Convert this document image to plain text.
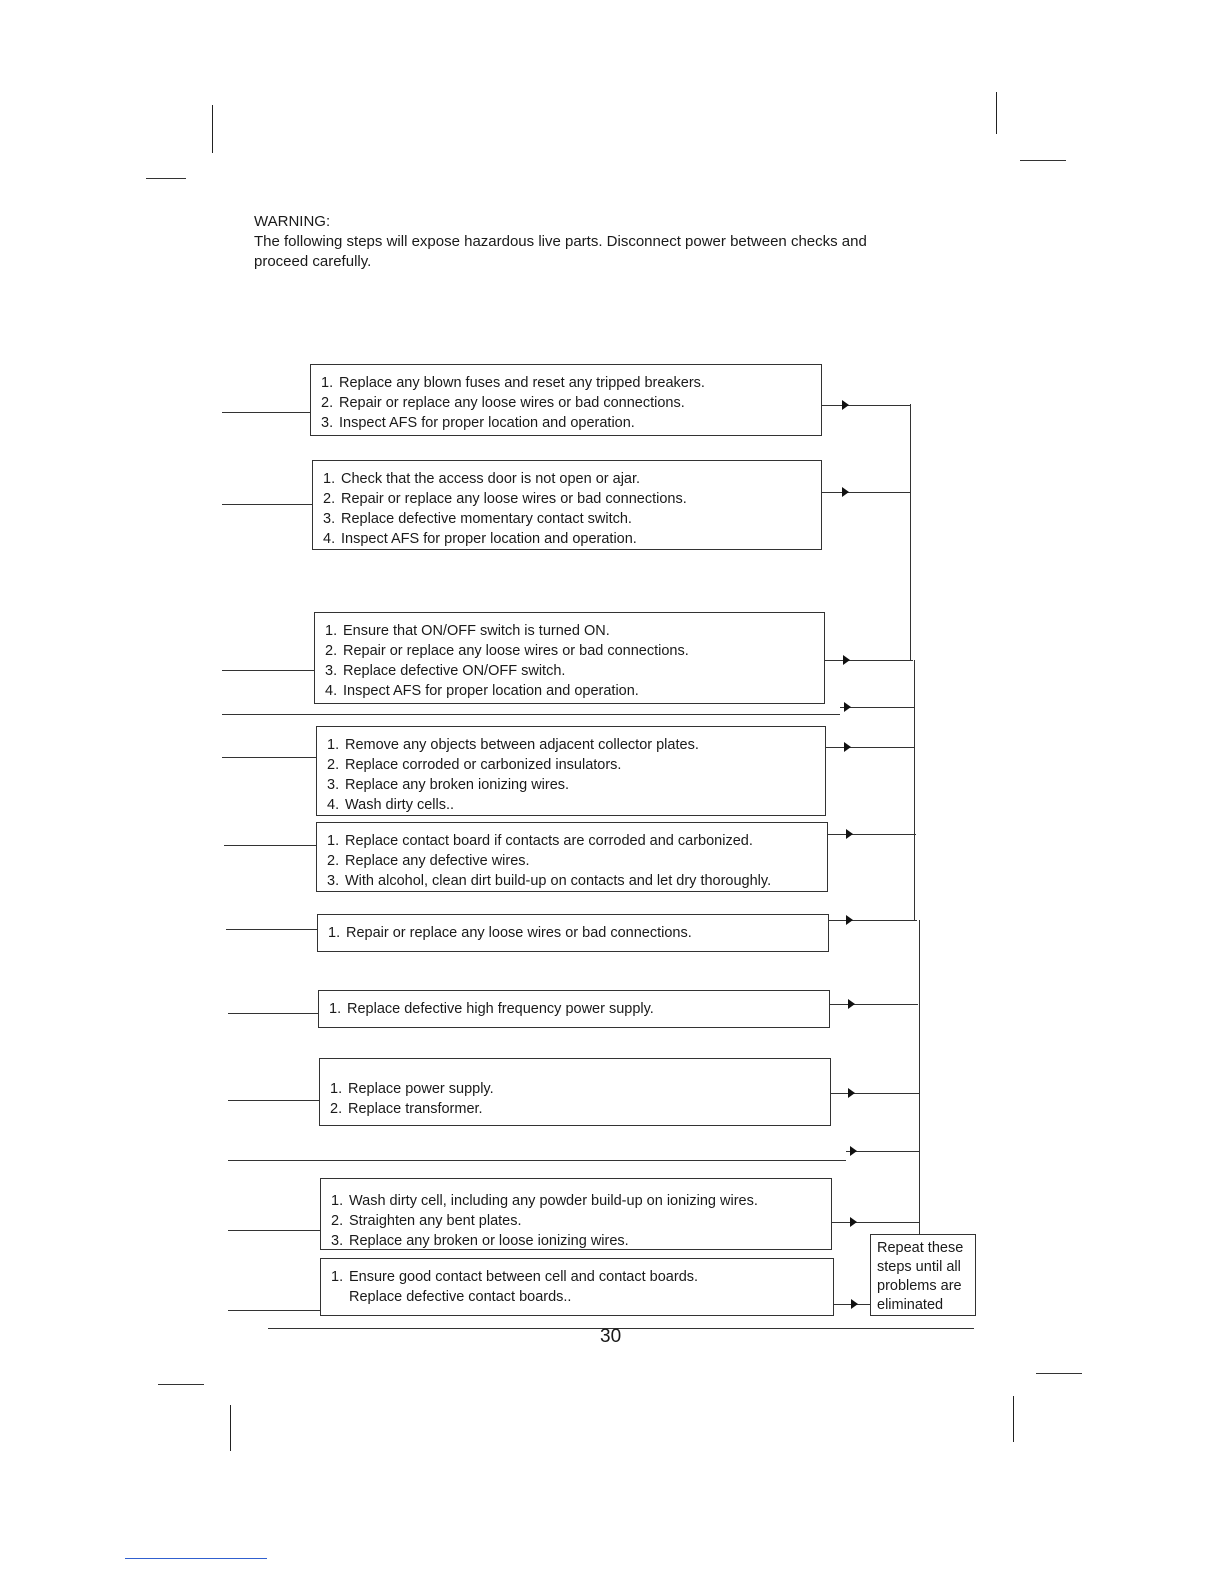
WARNING:
The following steps will expose hazardous live parts. Disconnect power between checks and proceed carefully.
1. Replace any blown fuses and reset any tripped breakers.
2. Repair or replace any loose wires or bad connections.
3. Inspect AFS for proper location and operation.
1. Check that the access door is not open or ajar.
2. Repair or replace any loose wires or bad connections.
3. Replace defective momentary contact switch.
4. Inspect AFS for proper location and operation.
1. Ensure that ON/OFF switch is turned ON.
2. Repair or replace any loose wires or bad connections.
3. Replace defective ON/OFF switch.
4. Inspect AFS for proper location and operation.
1. Remove any objects between adjacent collector plates.
2. Replace corroded or carbonized insulators.
3. Replace any broken ionizing wires.
4. Wash dirty cells..
1. Replace contact board if contacts are corroded and carbonized.
2. Replace any defective wires.
3. With alcohol, clean dirt build-up on contacts and let dry thoroughly.
1. Repair or replace any loose wires or bad connections.
1. Replace defective high frequency power supply.
1. Replace power supply.
2. Replace transformer.
1. Wash dirty cell, including any powder build-up on ionizing wires.
2. Straighten any bent plates.
3. Replace any broken or loose ionizing wires.
1. Ensure good contact between cell and contact boards.
Replace defective contact boards..
Repeat these steps until all problems are eliminated
30
